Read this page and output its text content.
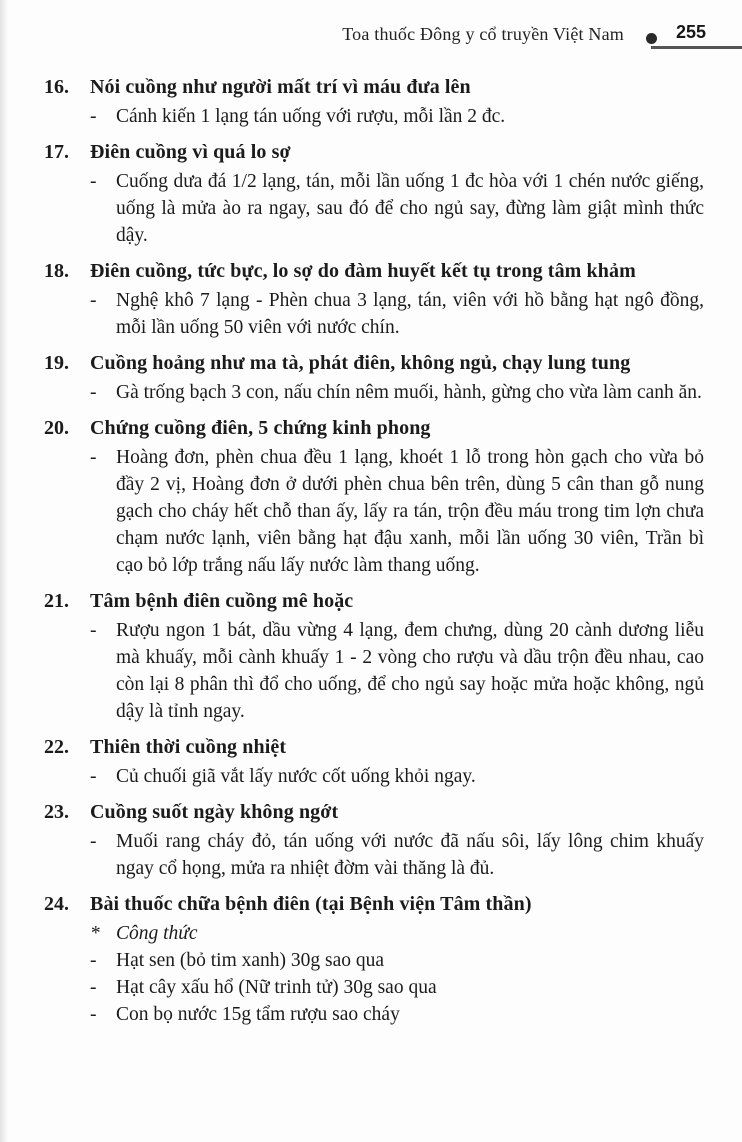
Toa thuốc Đông y cổ truyền Việt Nam	255
16.	Nói cuồng như người mất trí vì máu đưa lên
-	Cánh kiến 1 lạng tán uống với rượu, mỗi lần 2 đc.
17.	Điên cuồng vì quá lo sợ
-	Cuống dưa đá 1/2 lạng, tán, mỗi lần uống 1 đc hòa với 1 chén nước giếng, uống là mửa ào ra ngay, sau đó để cho ngủ say, đừng làm giật mình thức dậy.
18.	Điên cuồng, tức bực, lo sợ do đàm huyết kết tụ trong tâm khảm
-	Nghệ khô 7 lạng - Phèn chua 3 lạng, tán, viên với hồ bằng hạt ngô đồng, mỗi lần uống 50 viên với nước chín.
19.	Cuồng hoảng như ma tà, phát điên, không ngủ, chạy lung tung
-	Gà trống bạch 3 con, nấu chín nêm muối, hành, gừng cho vừa làm canh ăn.
20.	Chứng cuồng điên, 5 chứng kinh phong
-	Hoàng đơn, phèn chua đều 1 lạng, khoét 1 lỗ trong hòn gạch cho vừa bỏ đầy 2 vị, Hoàng đơn ở dưới phèn chua bên trên, dùng 5 cân than gỗ nung gạch cho cháy hết chỗ than ấy, lấy ra tán, trộn đều máu trong tim lợn chưa chạm nước lạnh, viên bằng hạt đậu xanh, mỗi lần uống 30 viên, Trần bì cạo bỏ lớp trắng nấu lấy nước làm thang uống.
21.	Tâm bệnh điên cuồng mê hoặc
-	Rượu ngon 1 bát, dầu vừng 4 lạng, đem chưng, dùng 20 cành dương liễu mà khuấy, mỗi cành khuấy 1 - 2 vòng cho rượu và dầu trộn đều nhau, cao còn lại 8 phân thì đổ cho uống, để cho ngủ say hoặc mửa hoặc không, ngủ dậy là tỉnh ngay.
22.	Thiên thời cuồng nhiệt
-	Củ chuối giã vắt lấy nước cốt uống khỏi ngay.
23.	Cuồng suốt ngày không ngớt
-	Muối rang cháy đỏ, tán uống với nước đã nấu sôi, lấy lông chim khuấy ngay cổ họng, mửa ra nhiệt đờm vài thăng là đủ.
24.	Bài thuốc chữa bệnh điên (tại Bệnh viện Tâm thần)
* Công thức
-	Hạt sen (bỏ tim xanh) 30g sao qua
-	Hạt cây xấu hổ (Nữ trinh tử) 30g sao qua
-	Con bọ nước 15g tẩm rượu sao cháy
